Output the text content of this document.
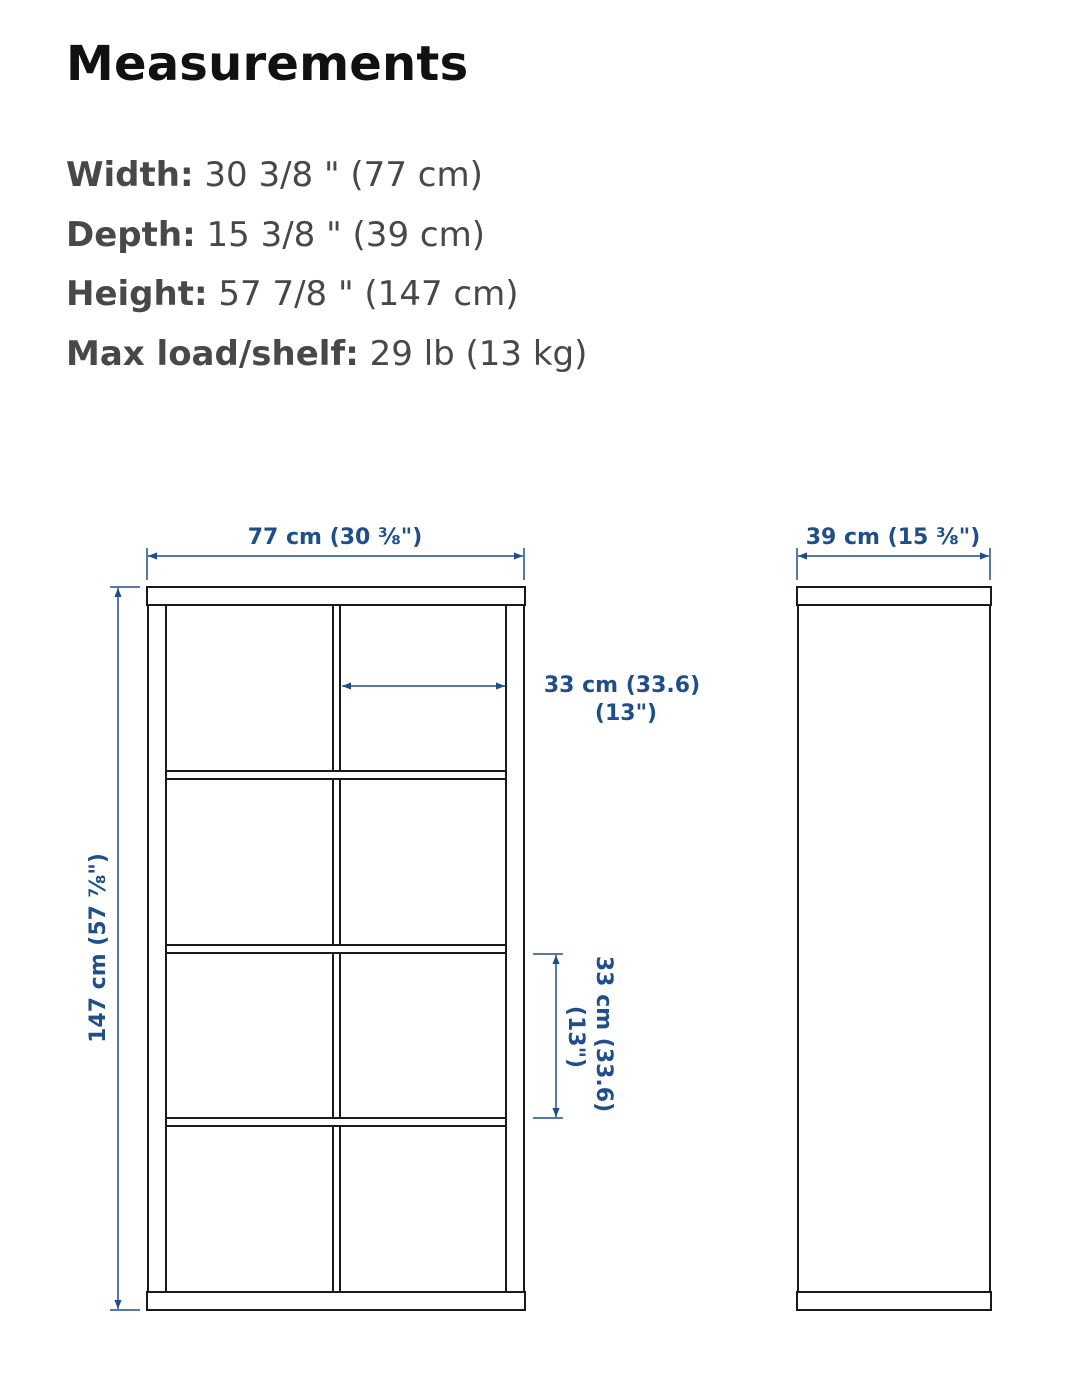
Measurements
Width: 30 3/8 " (77 cm)
Depth: 15 3/8 " (39 cm)
Height: 57 7/8 " (147 cm)
Max load/shelf: 29 lb (13 kg)
77 cm (30 ⅜")
147 cm (57 ⅞")
33 cm (33.6)
(13")
33 cm (33.6)
(13")
39 cm (15 ⅜")
